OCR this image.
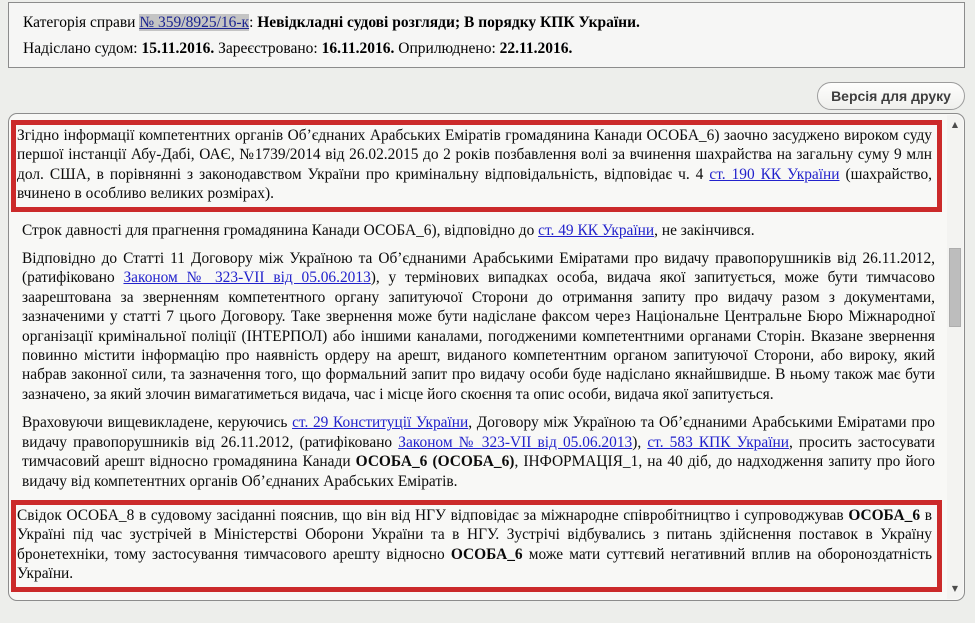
Категорія справи № 359/8925/16-к: Невідкладні судові розгляди; В порядку КПК України.
Надіслано судом: 15.11.2016. Зареєстровано: 16.11.2016. Оприлюднено: 22.11.2016.
Версія для друку

Згідно інформації компетентних органів Об’єднаних Арабських Еміратів громадянина Канади ОСОБА_6) заочно засуджено вироком суду першої інстанції Абу-Дабі, ОАЄ, №1739/2014 від 26.02.2015 до 2 років позбавлення волі за вчинення шахрайства на загальну суму 9 млн дол. США, в порівнянні з законодавством України про кримінальну відповідальність, відповідає ч. 4 ст. 190 КК України (шахрайство, вчинено в особливо великих розмірах).

Строк давності для прагнення громадянина Канади ОСОБА_6), відповідно до ст. 49 КК України, не закінчився.

Відповідно до Статті 11 Договору між Україною та Об’єднаними Арабськими Еміратами про видачу правопорушників від 26.11.2012, (ратифіковано Законом № 323-VII від 05.06.2013), у термінових випадках особа, видача якої запитується, може бути тимчасово заарештована за зверненням компетентного органу запитуючої Сторони до отримання запиту про видачу разом з документами, зазначеними у статті 7 цього Договору. Таке звернення може бути надіслане факсом через Національне Центральне Бюро Міжнародної організації кримінальної поліції (ІНТЕРПОЛ) або іншими каналами, погодженими компетентними органами Сторін. Вказане звернення повинно містити інформацію про наявність ордеру на арешт, виданого компетентним органом запитуючої Сторони, або вироку, який набрав законної сили, та зазначення того, що формальний запит про видачу особи буде надіслано якнайшвидше. В ньому також має бути зазначено, за який злочин вимагатиметься видача, час і місце його скоєння та опис особи, видача якої запитується.

Враховуючи вищевикладене, керуючись ст. 29 Конституції України, Договору між Україною та Об’єднаними Арабськими Еміратами про видачу правопорушників від 26.11.2012, (ратифіковано Законом № 323-VII від 05.06.2013), ст. 583 КПК України, просить застосувати тимчасовий арешт відносно громадянина Канади ОСОБА_6 (ОСОБА_6), ІНФОРМАЦІЯ_1, на 40 діб, до надходження запиту про його видачу від компетентних органів Об’єднаних Арабських Еміратів.

Свідок ОСОБА_8 в судовому засіданні пояснив, що він від НГУ відповідає за міжнародне співробітництво і супроводжував ОСОБА_6 в Україні під час зустрічей в Міністерстві Оборони України та в НГУ. Зустрічі відбувались з питань здійснення поставок в Україну бронетехніки, тому застосування тимчасового арешту відносно ОСОБА_6 може мати суттєвий негативний вплив на обороноздатність України.

▲
▼
